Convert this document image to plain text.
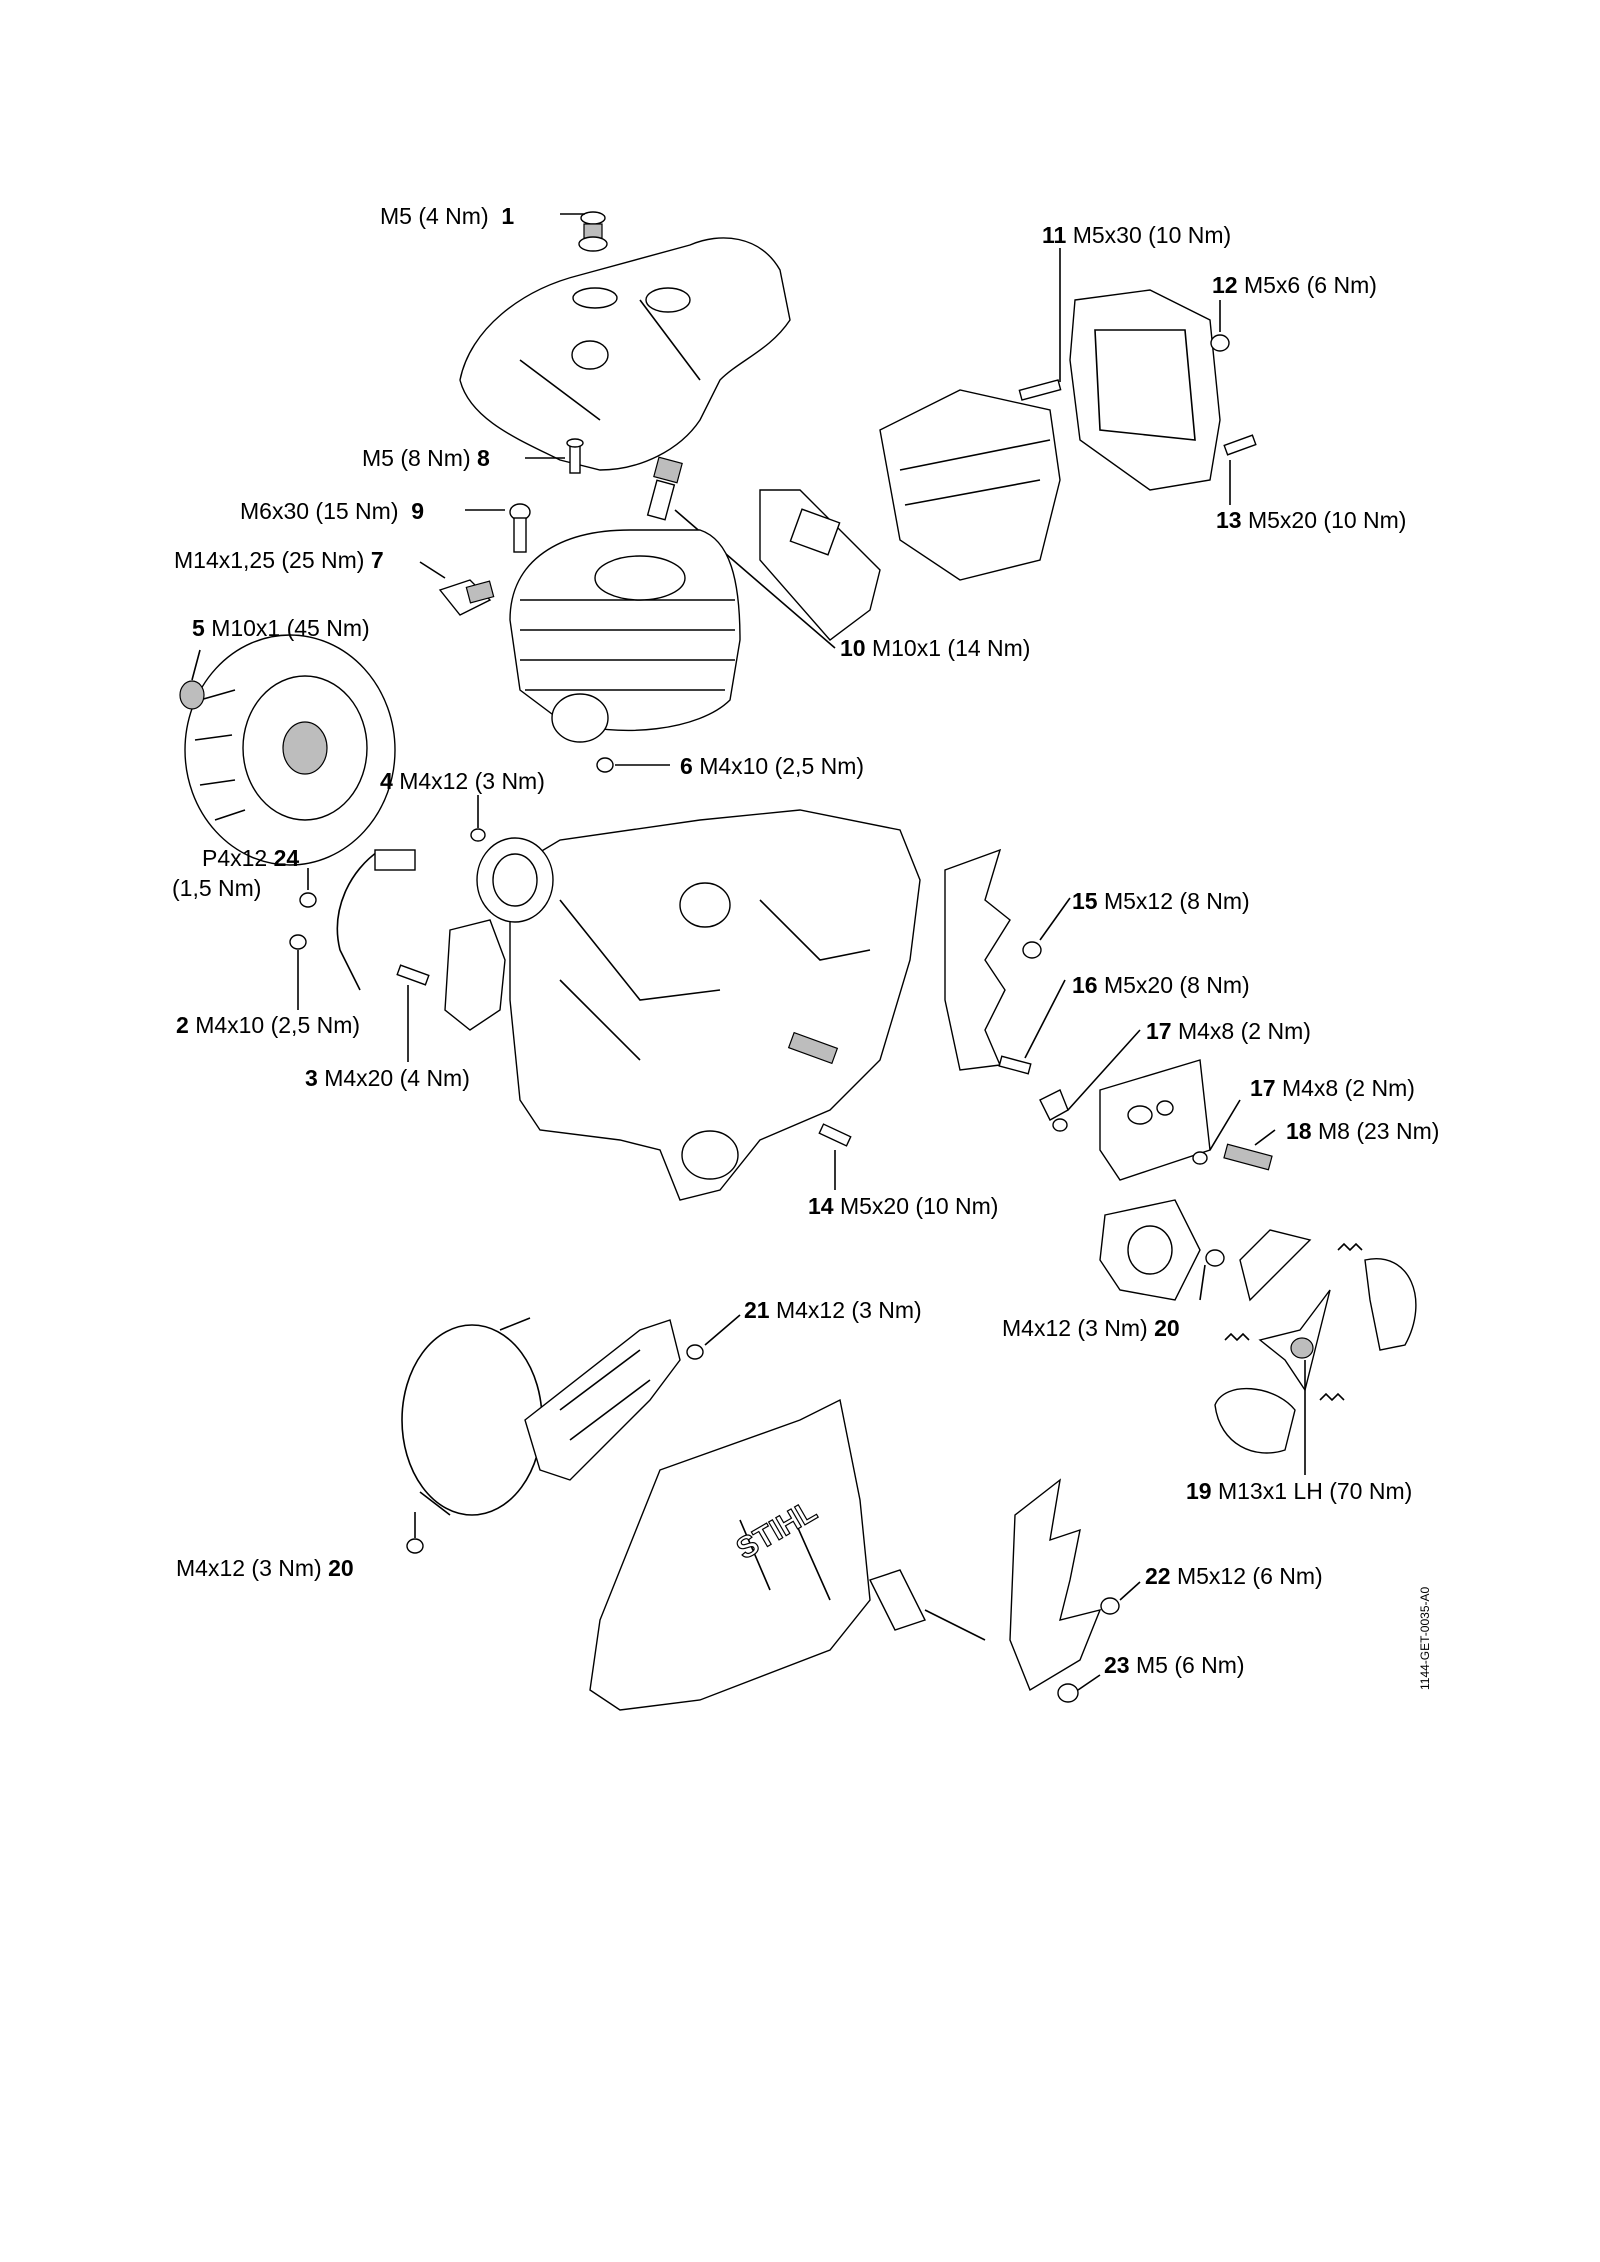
STIHL
M5 (4 Nm) 1
M5 (8 Nm) 8
M6x30 (15 Nm) 9
M14x1,25 (25 Nm) 7
5 M10x1 (45 Nm)
10 M10x1 (14 Nm)
11 M5x30 (10 Nm)
12 M5x6 (6 Nm)
13 M5x20 (10 Nm)
6 M4x10 (2,5 Nm)
4 M4x12 (3 Nm)
P4x12 24
(1,5 Nm)
2 M4x10 (2,5 Nm)
3 M4x20 (4 Nm)
15 M5x12 (8 Nm)
16 M5x20 (8 Nm)
17 M4x8 (2 Nm)
17 M4x8 (2 Nm)
18 M8 (23 Nm)
14 M5x20 (10 Nm)
M4x12 (3 Nm) 20
21 M4x12 (3 Nm)
19 M13x1 LH (70 Nm)
M4x12 (3 Nm) 20	22 M5x12 (6 Nm)
23 M5 (6 Nm)	1144-GET-0035-A0
